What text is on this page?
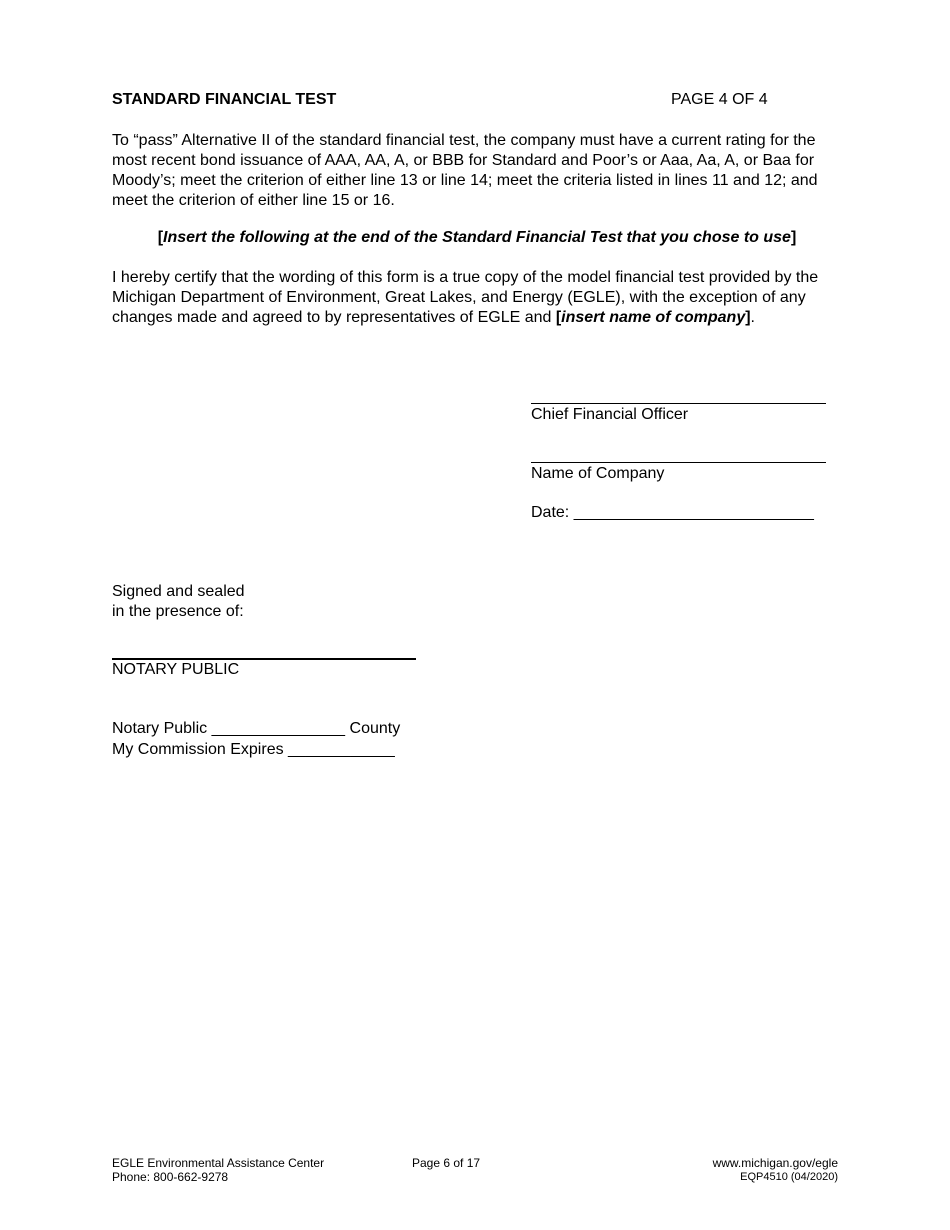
STANDARD FINANCIAL TEST	PAGE 4 OF 4
To “pass” Alternative II of the standard financial test, the company must have a current rating for the most recent bond issuance of AAA, AA, A, or BBB for Standard and Poor’s or Aaa, Aa, A, or Baa for Moody’s; meet the criterion of either line 13 or line 14; meet the criteria listed in lines 11 and 12; and meet the criterion of either line 15 or 16.
[Insert the following at the end of the Standard Financial Test that you chose to use]
I hereby certify that the wording of this form is a true copy of the model financial test provided by the Michigan Department of Environment, Great Lakes, and Energy (EGLE), with the exception of any changes made and agreed to by representatives of EGLE and [insert name of company].
Chief Financial Officer
Name of Company
Date: ___________________________
Signed and sealed
in the presence of:
NOTARY PUBLIC
Notary Public _______________ County
My Commission Expires ____________
EGLE Environmental Assistance Center
Phone: 800-662-9278
Page 6 of 17	www.michigan.gov/egle
EQP4510 (04/2020)
